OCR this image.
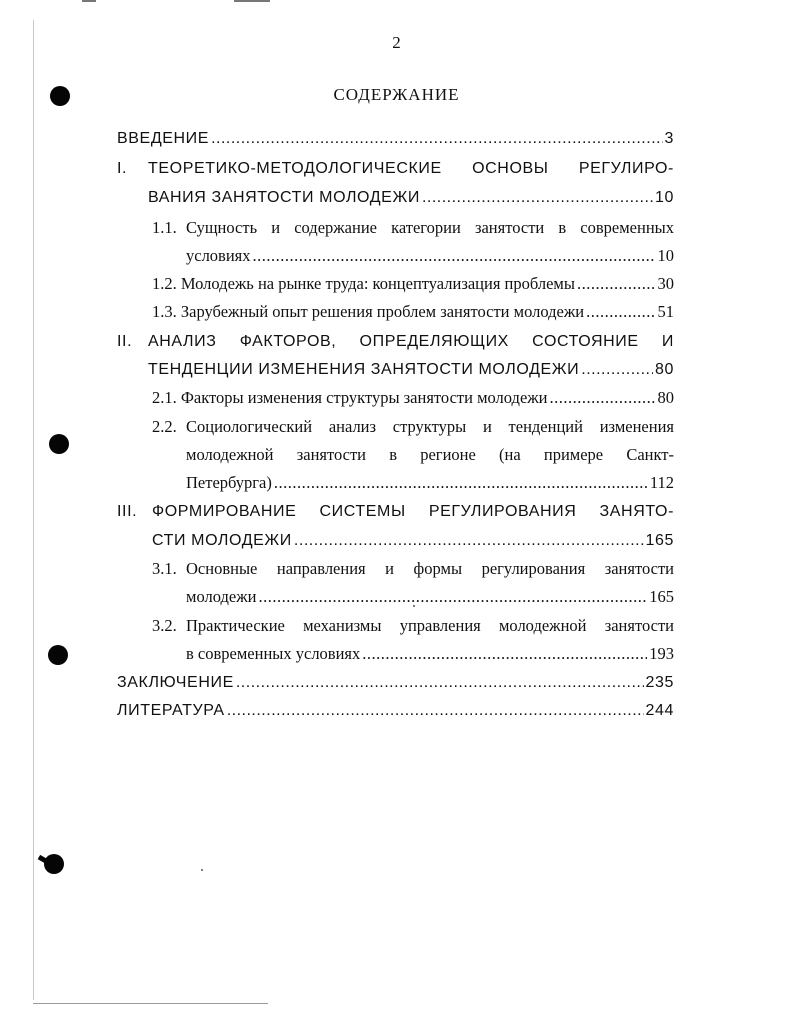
2
СОДЕРЖАНИЕ
ВВЕДЕНИЕ .....	3
I.	ТЕОРЕТИКО-МЕТОДОЛОГИЧЕСКИЕ ОСНОВЫ РЕГУЛИРО-
ВАНИЯ ЗАНЯТОСТИ МОЛОДЕЖИ .....	10
1.1. Сущность и содержание категории занятости в современных
условиях .....	10
1.2. Молодежь на рынке труда: концептуализация проблемы .....	30
1.3. Зарубежный опыт решения проблем занятости молодежи .....	51
II. АНАЛИЗ ФАКТОРОВ, ОПРЕДЕЛЯЮЩИХ СОСТОЯНИЕ И
ТЕНДЕНЦИИ ИЗМЕНЕНИЯ ЗАНЯТОСТИ МОЛОДЕЖИ .....	80
2.1. Факторы изменения структуры занятости молодежи .....	80
2.2. Социологический анализ структуры и тенденций изменения
молодежной занятости в регионе (на примере Санкт-
Петербурга) .....	112
III. ФОРМИРОВАНИЕ СИСТЕМЫ РЕГУЛИРОВАНИЯ ЗАНЯТО-
СТИ МОЛОДЕЖИ .....	165
3.1. Основные направления и формы регулирования занятости
молодежи .....	165
3.2. Практические механизмы управления молодежной занятости
в современных условиях .....	193
ЗАКЛЮЧЕНИЕ .....	235
ЛИТЕРАТУРА .....	244
